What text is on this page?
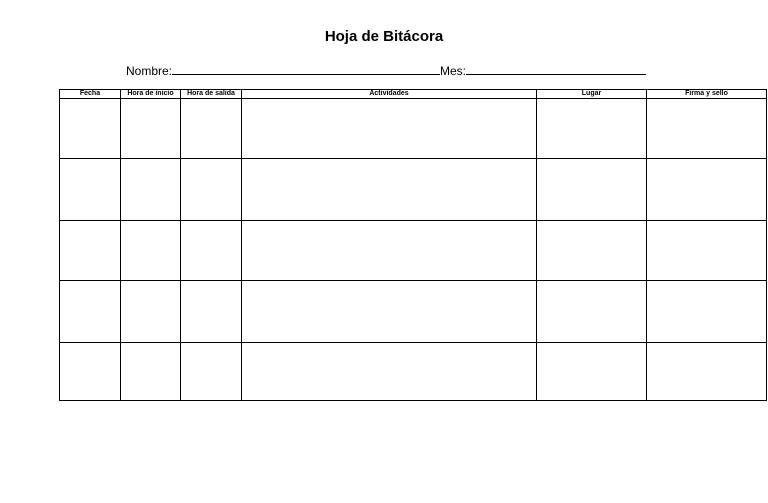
Hoja de Bitácora
Nombre:	Mes:
Fecha	Hora de inicio	Hora de salida	Actividades	Lugar	Firma y sello
